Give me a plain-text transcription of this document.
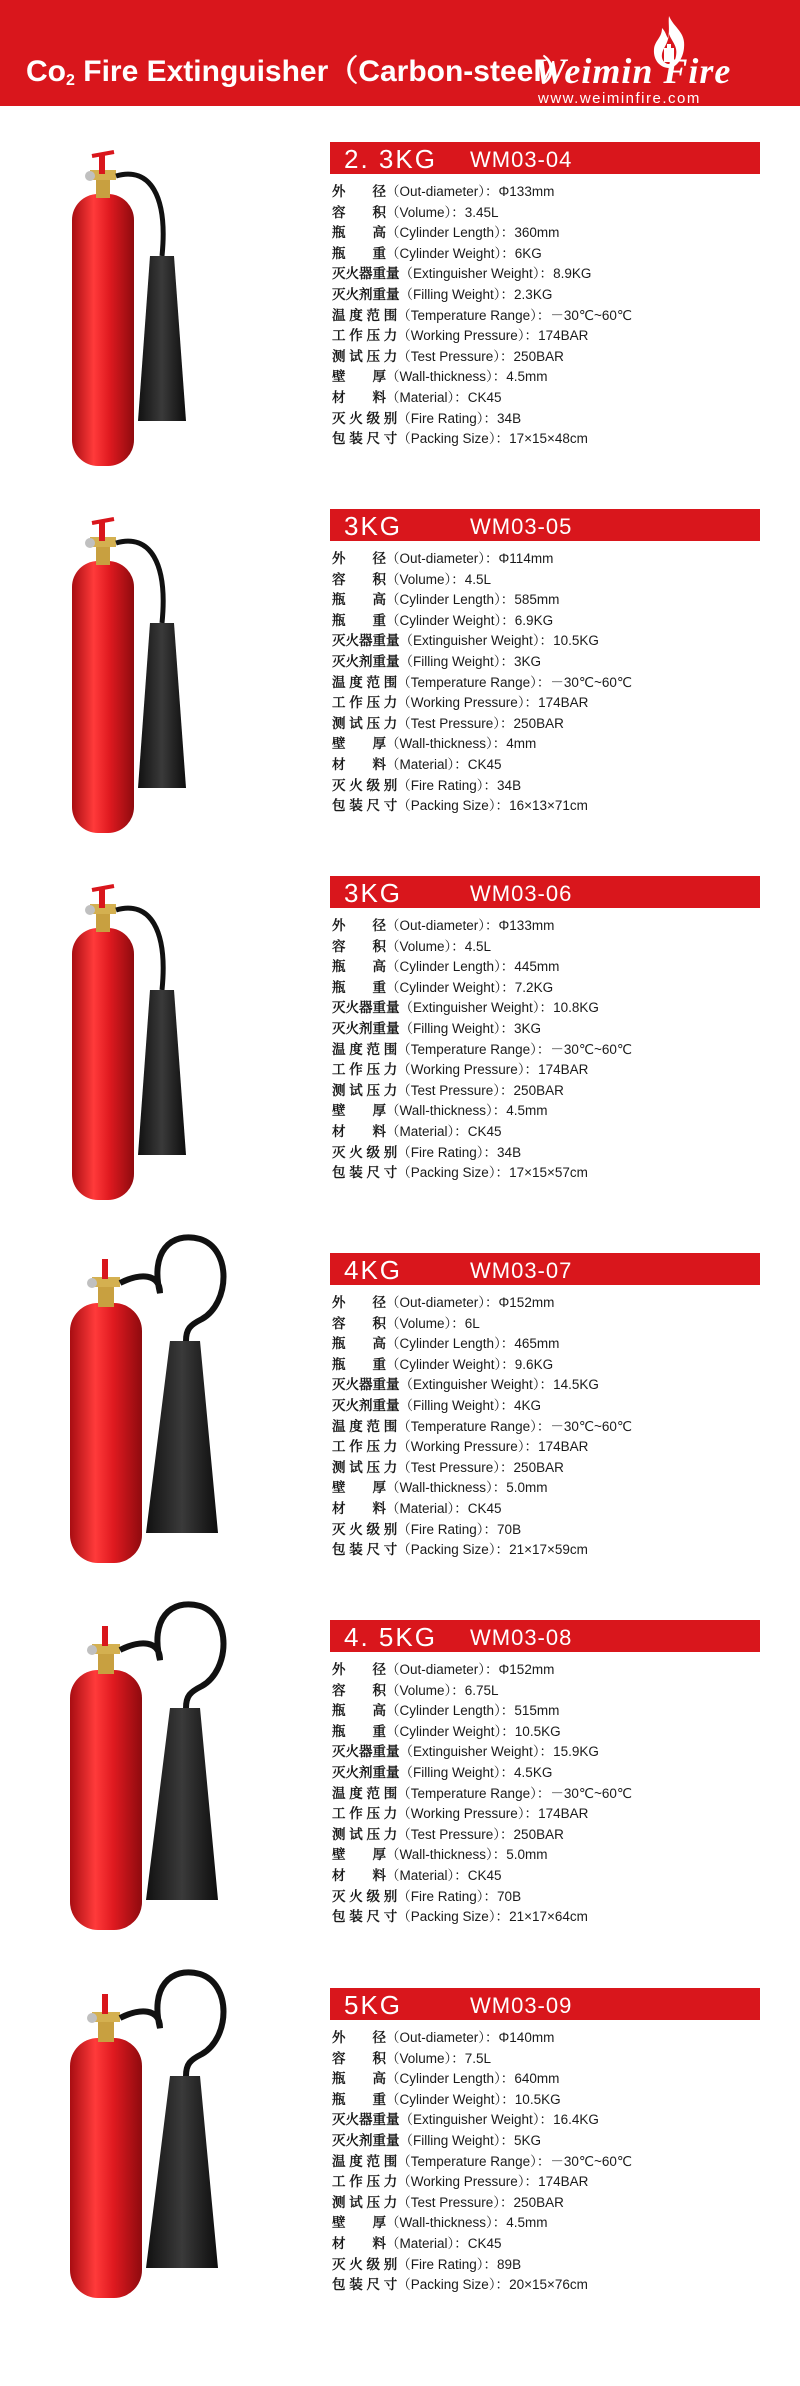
$Co_2$ Fire Extinguisher（Carbon-steel）
Weimin Fire
www.weiminfire.com
2. 3KG WM03-04
外　　径（Out-diameter）：Φ133mm
容　　积（Volume）：3.45L
瓶　　高（Cylinder Length）：360mm
瓶　　重（Cylinder Weight）：6KG
灭火器重量（Extinguisher Weight）：8.9KG
灭火剂重量（Filling Weight）：2.3KG
温 度 范 围（Temperature Range）：－30℃~60℃
工 作 压 力（Working Pressure）：174BAR
测 试 压 力（Test Pressure）：250BAR
壁　　厚（Wall-thickness）：4.5mm
材　　料（Material）：CK45
灭 火 级 别（Fire Rating）：34B
包 装 尺 寸（Packing Size）：17×15×48cm
3KG	WM03-05
外　　径（Out-diameter）：Φ114mm
容　　积（Volume）：4.5L
瓶　　高（Cylinder Length）：585mm
瓶　　重（Cylinder Weight）：6.9KG
灭火器重量（Extinguisher Weight）：10.5KG
灭火剂重量（Filling Weight）：3KG
温 度 范 围（Temperature Range）：－30℃~60℃
工 作 压 力（Working Pressure）：174BAR
测 试 压 力（Test Pressure）：250BAR
壁　　厚（Wall-thickness）：4mm
材　　料（Material）：CK45
灭 火 级 别（Fire Rating）：34B
包 装 尺 寸（Packing Size）：16×13×71cm
3KG	WM03-06
外　　径（Out-diameter）：Φ133mm
容　　积（Volume）：4.5L
瓶　　高（Cylinder Length）：445mm
瓶　　重（Cylinder Weight）：7.2KG
灭火器重量（Extinguisher Weight）：10.8KG
灭火剂重量（Filling Weight）：3KG
温 度 范 围（Temperature Range）：－30℃~60℃
工 作 压 力（Working Pressure）：174BAR
测 试 压 力（Test Pressure）：250BAR
壁　　厚（Wall-thickness）：4.5mm
材　　料（Material）：CK45
灭 火 级 别（Fire Rating）：34B
包 装 尺 寸（Packing Size）：17×15×57cm
4KG	WM03-07
外　　径（Out-diameter）：Φ152mm
容　　积（Volume）：6L
瓶　　高（Cylinder Length）：465mm
瓶　　重（Cylinder Weight）：9.6KG
灭火器重量（Extinguisher Weight）：14.5KG
灭火剂重量（Filling Weight）：4KG
温 度 范 围（Temperature Range）：－30℃~60℃
工 作 压 力（Working Pressure）：174BAR
测 试 压 力（Test Pressure）：250BAR
壁　　厚（Wall-thickness）：5.0mm
材　　料（Material）：CK45
灭 火 级 别（Fire Rating）：70B
包 装 尺 寸（Packing Size）：21×17×59cm
4. 5KG WM03-08
外　　径（Out-diameter）：Φ152mm
容　　积（Volume）：6.75L
瓶　　高（Cylinder Length）：515mm
瓶　　重（Cylinder Weight）：10.5KG
灭火器重量（Extinguisher Weight）：15.9KG
灭火剂重量（Filling Weight）：4.5KG
温 度 范 围（Temperature Range）：－30℃~60℃
工 作 压 力（Working Pressure）：174BAR
测 试 压 力（Test Pressure）：250BAR
壁　　厚（Wall-thickness）：5.0mm
材　　料（Material）：CK45
灭 火 级 别（Fire Rating）：70B
包 装 尺 寸（Packing Size）：21×17×64cm
5KG	WM03-09
外　　径（Out-diameter）：Φ140mm
容　　积（Volume）：7.5L
瓶　　高（Cylinder Length）：640mm
瓶　　重（Cylinder Weight）：10.5KG
灭火器重量（Extinguisher Weight）：16.4KG
灭火剂重量（Filling Weight）：5KG
温 度 范 围（Temperature Range）：－30℃~60℃
工 作 压 力（Working Pressure）：174BAR
测 试 压 力（Test Pressure）：250BAR
壁　　厚（Wall-thickness）：4.5mm
材　　料（Material）：CK45
灭 火 级 别（Fire Rating）：89B
包 装 尺 寸（Packing Size）：20×15×76cm
